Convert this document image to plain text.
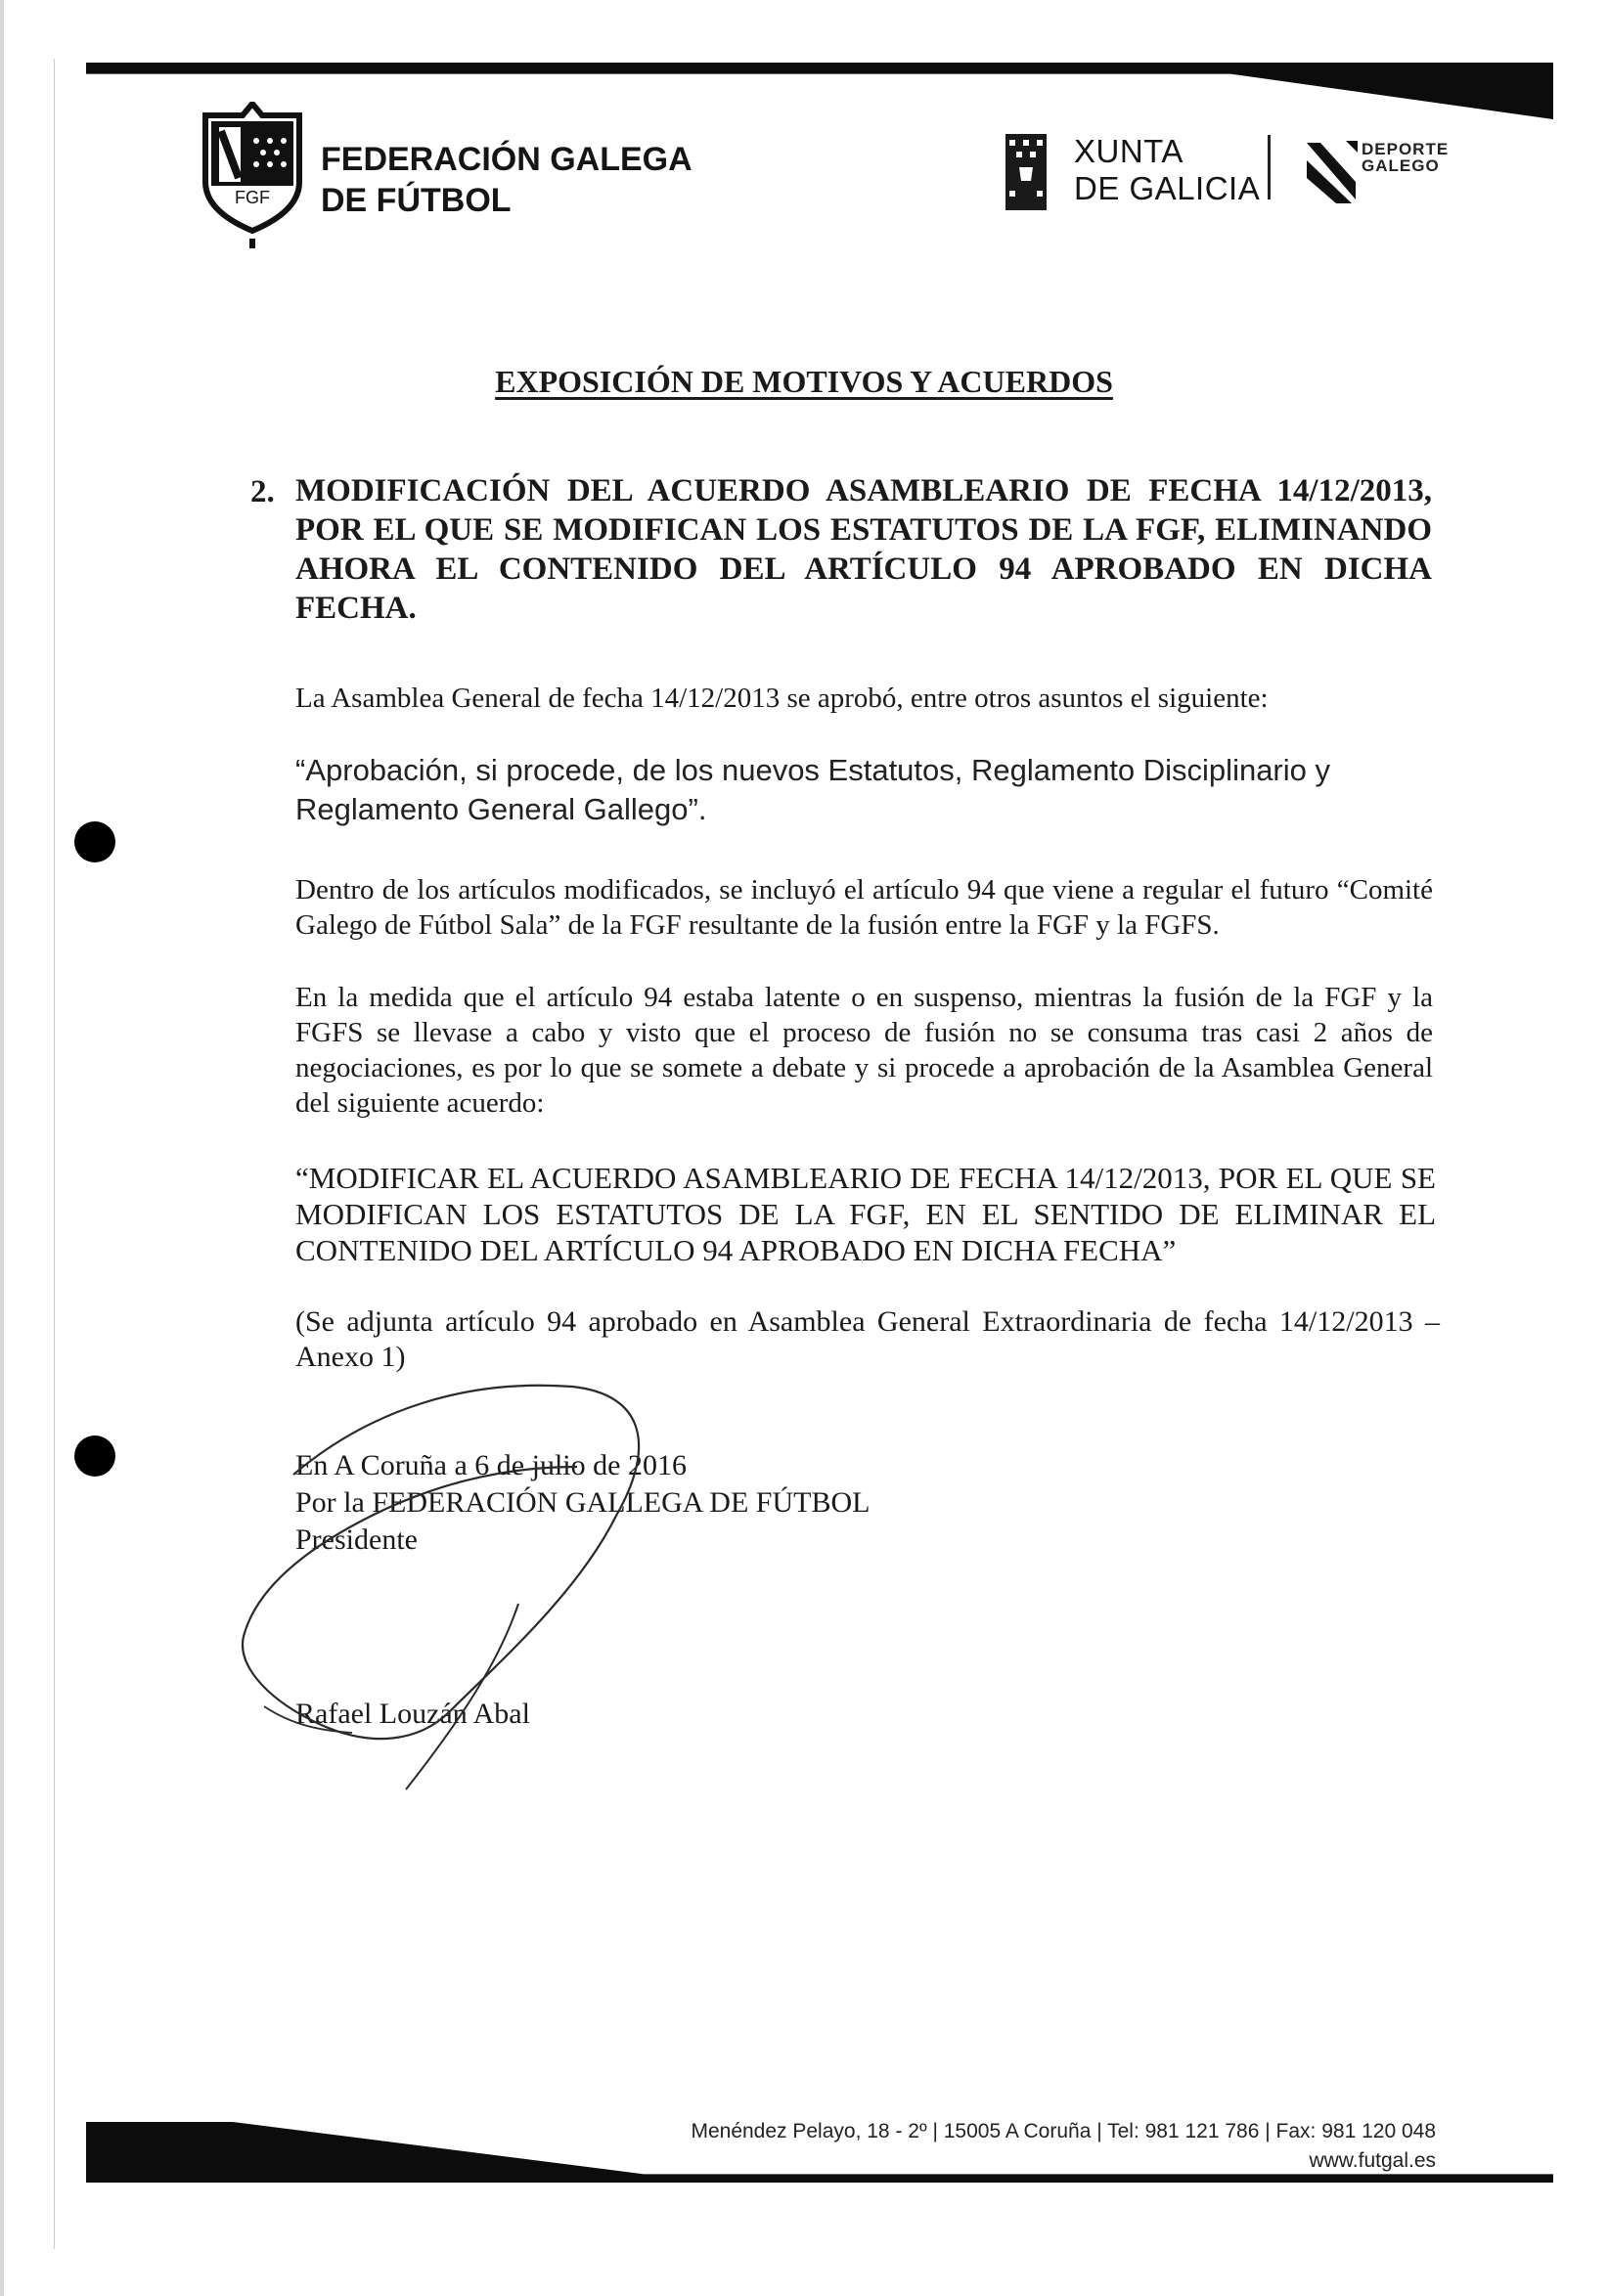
FGF
FEDERACIÓN GALEGA
DE FÚTBOL
XUNTA
DE GALICIA
DEPORTE
GALEGO
EXPOSICIÓN DE MOTIVOS Y ACUERDOS
2. MODIFICACIÓN DEL ACUERDO ASAMBLEARIO DE FECHA 14/12/2013, POR EL QUE SE MODIFICAN LOS ESTATUTOS DE LA FGF, ELIMINANDO AHORA EL CONTENIDO DEL ARTÍCULO 94 APROBADO EN DICHA FECHA.
La Asamblea General de fecha 14/12/2013 se aprobó, entre otros asuntos el siguiente:
“Aprobación, si procede, de los nuevos Estatutos, Reglamento Disciplinario y Reglamento General Gallego”.
Dentro de los artículos modificados, se incluyó el artículo 94 que viene a regular el futuro “Comité Galego de Fútbol Sala” de la FGF resultante de la fusión entre la FGF y la FGFS.
En la medida que el artículo 94 estaba latente o en suspenso, mientras la fusión de la FGF y la FGFS se llevase a cabo y visto que el proceso de fusión no se consuma tras casi 2 años de negociaciones, es por lo que se somete a debate y si procede a aprobación de la Asamblea General del siguiente acuerdo:
“MODIFICAR EL ACUERDO ASAMBLEARIO DE FECHA 14/12/2013, POR EL QUE SE MODIFICAN LOS ESTATUTOS DE LA FGF, EN EL SENTIDO DE ELIMINAR EL CONTENIDO DEL ARTÍCULO 94 APROBADO EN DICHA FECHA”
(Se adjunta artículo 94 aprobado en Asamblea General Extraordinaria de fecha 14/12/2013 – Anexo 1)
En A Coruña a 6 de julio de 2016
Por la FEDERACIÓN GALLEGA DE FÚTBOL
Presidente
Rafael Louzán Abal
Menéndez Pelayo, 18 - 2º | 15005 A Coruña | Tel: 981 121 786 | Fax: 981 120 048
www.futgal.es
